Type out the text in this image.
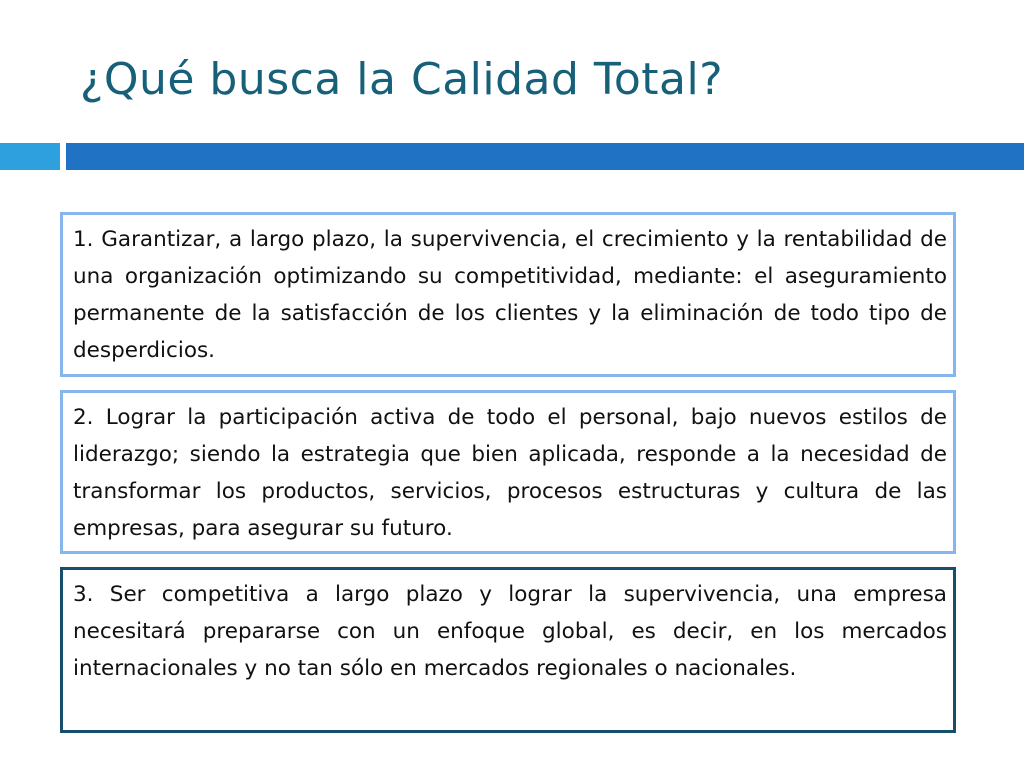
¿Qué busca la Calidad Total?

1. Garantizar, a largo plazo, la supervivencia, el crecimiento y la rentabilidad de una organización optimizando su competitividad, mediante: el aseguramiento permanente de la satisfacción de los clientes y la eliminación de todo tipo de desperdicios.

2. Lograr la participación activa de todo el personal, bajo nuevos estilos de liderazgo; siendo la estrategia que bien aplicada, responde a la necesidad de transformar los productos, servicios, procesos estructuras y cultura de las empresas, para asegurar su futuro.

3. Ser competitiva a largo plazo y lograr la supervivencia, una empresa necesitará prepararse con un enfoque global, es decir, en los mercados internacionales y no tan sólo en mercados regionales o nacionales.
